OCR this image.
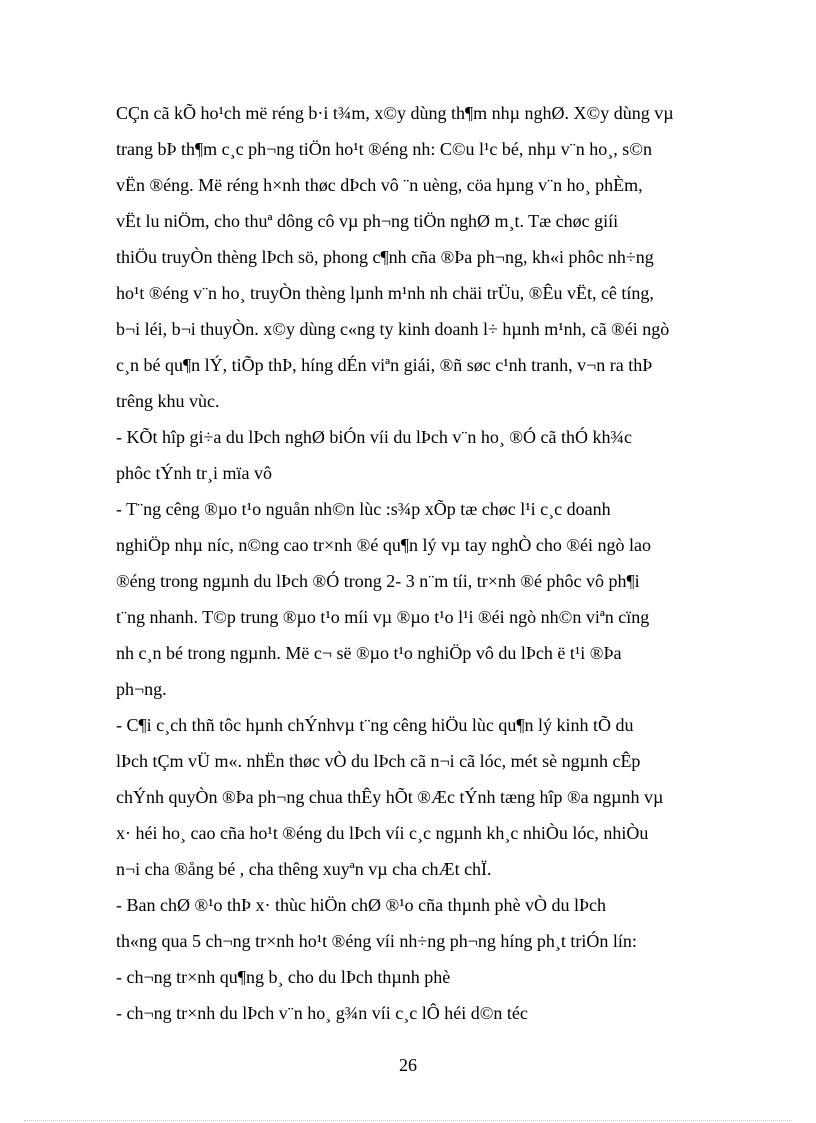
CÇn cã kÕ ho¹ch më réng b·i t¾m, x©y dùng th¶m nhµ nghØ. X©y dùng vµ
trang bÞ th¶m c¸c ph¬ng tiÖn ho¹t ®éng nh: C©u l¹c bé, nhµ v¨n ho¸, s©n
vËn ®éng. Më réng h×nh thøc dÞch vô ¨n uèng, cöa hµng v¨n ho¸ phÈm,
vËt lu niÖm, cho thuª dông cô vµ ph¬ng tiÖn nghØ m¸t. Tæ chøc giíi
thiÖu truyÒn thèng lÞch sö, phong c¶nh cña ®Þa ph¬ng, kh«i phôc nh÷ng
ho¹t ®éng v¨n ho¸ truyÒn thèng lµnh m¹nh nh chäi trÜu, ®Êu vËt, cê tíng,
b¬i léi, b¬i thuyÒn. x©y dùng c«ng ty kinh doanh l÷ hµnh m¹nh, cã ®éi ngò
c¸n bé qu¶n lÝ, tiÕp thÞ, híng dÉn viªn giái, ®ñ søc c¹nh tranh, v¬n ra thÞ
trêng khu vùc.
- KÕt hîp gi÷a du lÞch nghØ biÓn víi du lÞch v¨n ho¸ ®Ó cã thÓ kh¾c
phôc tÝnh tr¸i mïa vô
- T¨ng cêng ®µo t¹o nguån nh©n lùc :s¾p xÕp tæ chøc l¹i c¸c doanh
nghiÖp nhµ níc, n©ng cao tr×nh ®é qu¶n lý vµ tay nghÒ cho ®éi ngò lao
®éng trong ngµnh du lÞch ®Ó trong 2- 3 n¨m tíi, tr×nh ®é phôc vô ph¶i
t¨ng nhanh. T©p trung ®µo t¹o míi vµ ®µo t¹o l¹i ®éi ngò nh©n viªn cïng
nh c¸n bé trong ngµnh. Më c¬ së ®µo t¹o nghiÖp vô du lÞch ë t¹i ®Þa
ph¬ng.
- C¶i c¸ch thñ tôc hµnh chÝnhvµ t¨ng cêng hiÖu lùc qu¶n lý kinh tÕ du
lÞch tÇm vÜ m«. nhËn thøc vÒ du lÞch cã n¬i cã lóc, mét sè ngµnh cÊp
chÝnh quyÒn ®Þa ph¬ng chua thÊy hÕt ®Æc tÝnh tæng hîp ®a ngµnh vµ
x· héi ho¸ cao cña ho¹t ®éng du lÞch víi c¸c ngµnh kh¸c nhiÒu lóc, nhiÒu
n¬i cha ®ång bé , cha thêng xuyªn vµ cha chÆt chÏ.
- Ban chØ ®¹o thÞ x· thùc hiÖn chØ ®¹o cña thµnh phè vÒ du lÞch
th«ng qua 5 ch¬ng tr×nh ho¹t ®éng víi nh÷ng ph¬ng híng ph¸t triÓn lín:
- ch¬ng tr×nh qu¶ng b¸ cho du lÞch thµnh phè
- ch¬ng tr×nh du lÞch v¨n ho¸ g¾n víi c¸c lÔ héi d©n téc
26
